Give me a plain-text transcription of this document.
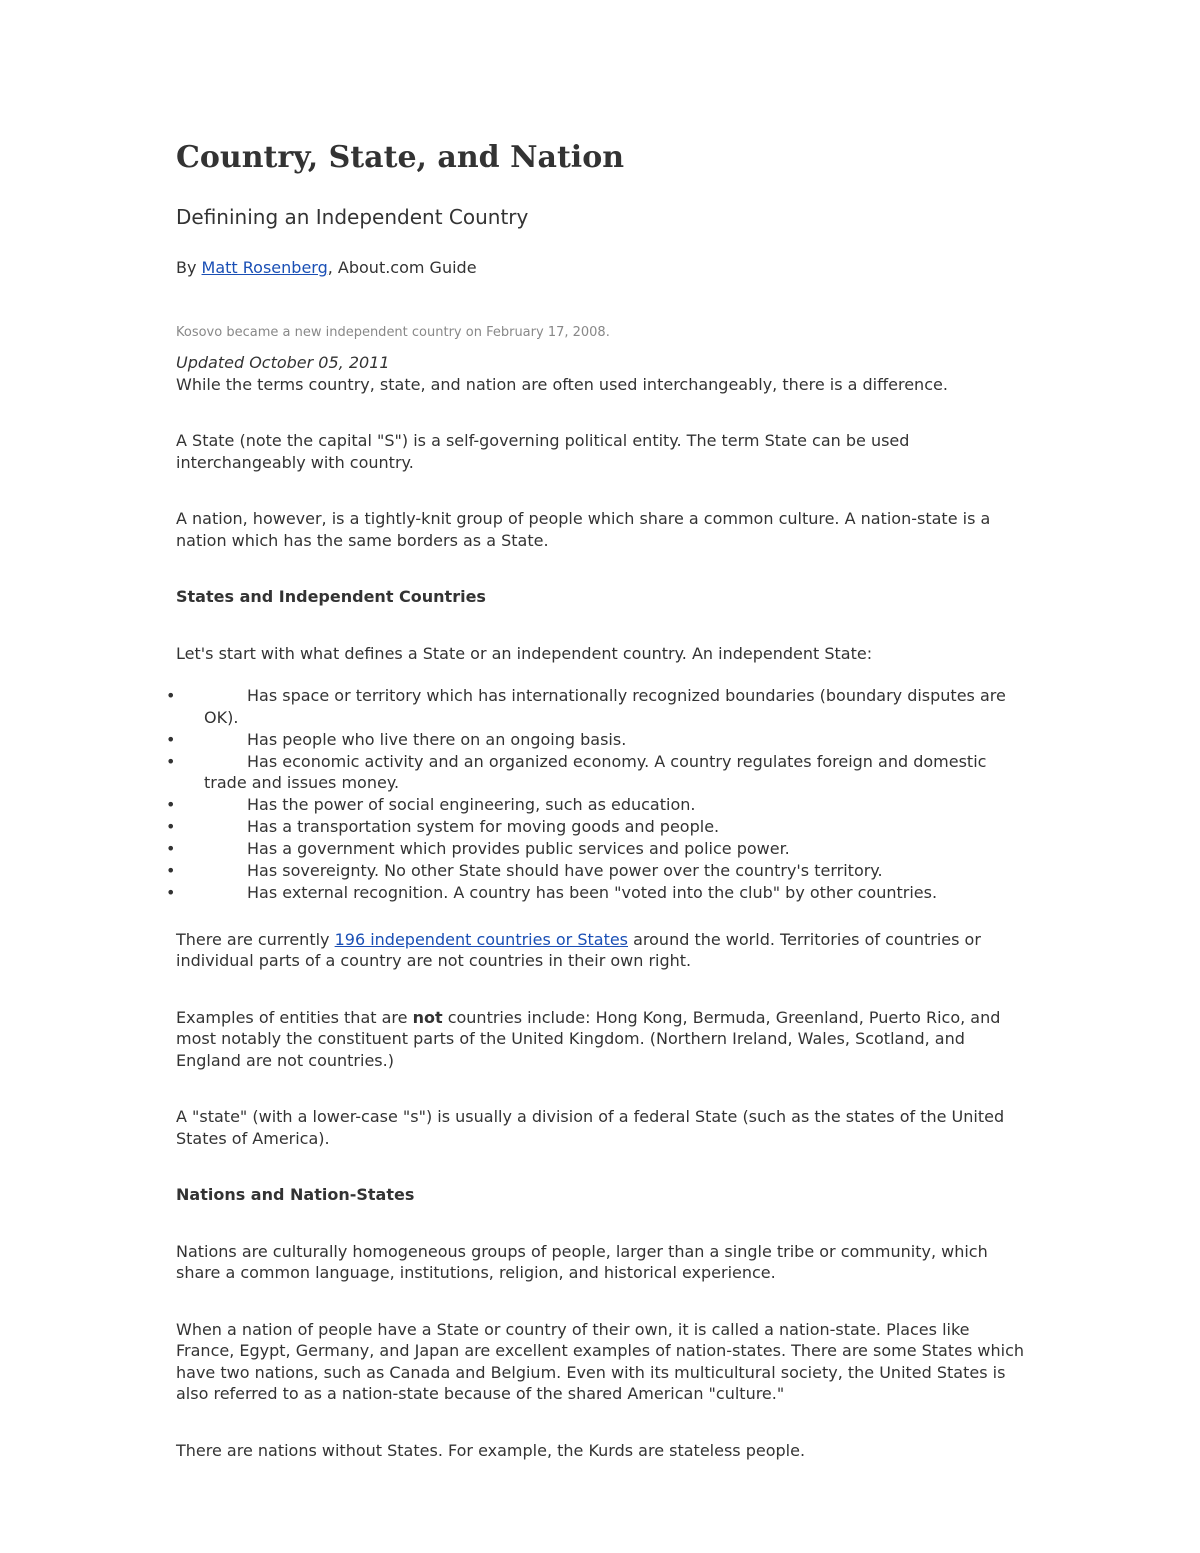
Country, State, and Nation
Definining an Independent Country
By Matt Rosenberg, About.com Guide
Kosovo became a new independent country on February 17, 2008.

Updated October 05, 2011
While the terms country, state, and nation are often used interchangeably, there is a difference.

A State (note the capital "S") is a self-governing political entity. The term State can be used interchangeably with country.

A nation, however, is a tightly-knit group of people which share a common culture. A nation-state is a nation which has the same borders as a State.

States and Independent Countries

Let's start with what defines a State or an independent country. An independent State:

•	Has space or territory which has internationally recognized boundaries (boundary disputes are OK).
•	Has people who live there on an ongoing basis.
•	Has economic activity and an organized economy. A country regulates foreign and domestic trade and issues money.
•	Has the power of social engineering, such as education.
•	Has a transportation system for moving goods and people.
•	Has a government which provides public services and police power.
•	Has sovereignty. No other State should have power over the country's territory.
•	Has external recognition. A country has been "voted into the club" by other countries.

There are currently 196 independent countries or States around the world. Territories of countries or individual parts of a country are not countries in their own right.

Examples of entities that are not countries include: Hong Kong, Bermuda, Greenland, Puerto Rico, and most notably the constituent parts of the United Kingdom. (Northern Ireland, Wales, Scotland, and England are not countries.)

A "state" (with a lower-case "s") is usually a division of a federal State (such as the states of the United States of America).

Nations and Nation-States

Nations are culturally homogeneous groups of people, larger than a single tribe or community, which share a common language, institutions, religion, and historical experience.

When a nation of people have a State or country of their own, it is called a nation-state. Places like France, Egypt, Germany, and Japan are excellent examples of nation-states. There are some States which have two nations, such as Canada and Belgium. Even with its multicultural society, the United States is also referred to as a nation-state because of the shared American "culture."

There are nations without States. For example, the Kurds are stateless people.
